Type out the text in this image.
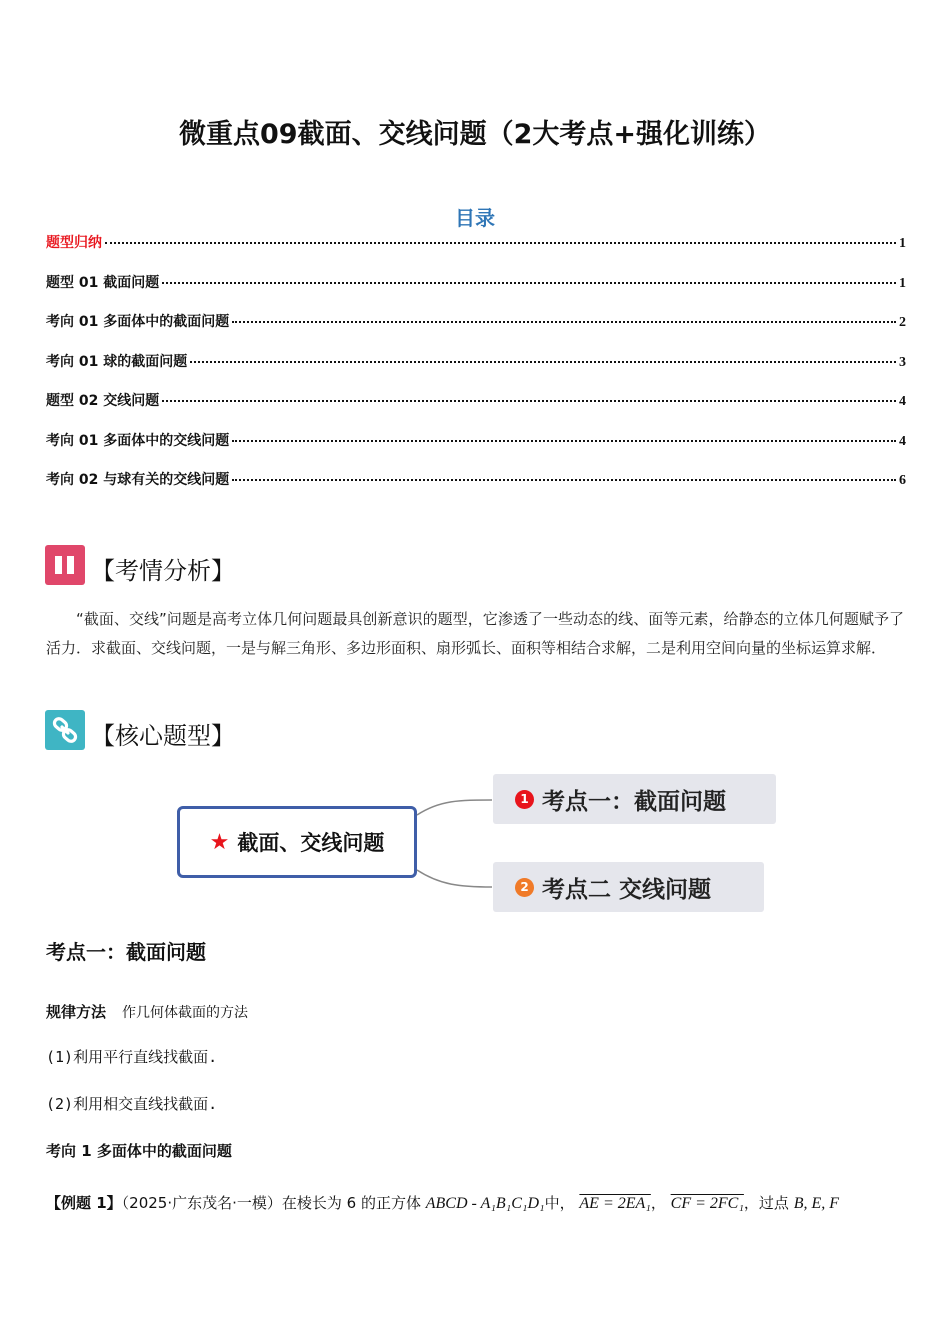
微重点09截面、交线问题（2大考点+强化训练）
目录
题型归纳	1
题型 01 截面问题	1
考向 01 多面体中的截面问题	2
考向 01 球的截面问题	3
题型 02 交线问题	4
考向 01 多面体中的交线问题	4
考向 02 与球有关的交线问题	6
【考情分析】
“截面、交线”问题是高考立体几何问题最具创新意识的题型，它渗透了一些动态的线、面等元素，给静态的立体几何题赋予了活力．求截面、交线问题，一是与解三角形、多边形面积、扇形弧长、面积等相结合求解，二是利用空间向量的坐标运算求解．
【核心题型】
★ 截面、交线问题
1 考点一：截面问题
2 考点二 交线问题
考点一：截面问题
规律方法 作几何体截面的方法
(1)利用平行直线找截面.
(2)利用相交直线找截面.
考向 1 多面体中的截面问题
【例题 1】（2025·广东茂名·一模）在棱长为 6 的正方体 ABCD - A₁B₁C₁D₁中， AE = 2EA₁， CF = 2FC₁，过点 B, E, F
